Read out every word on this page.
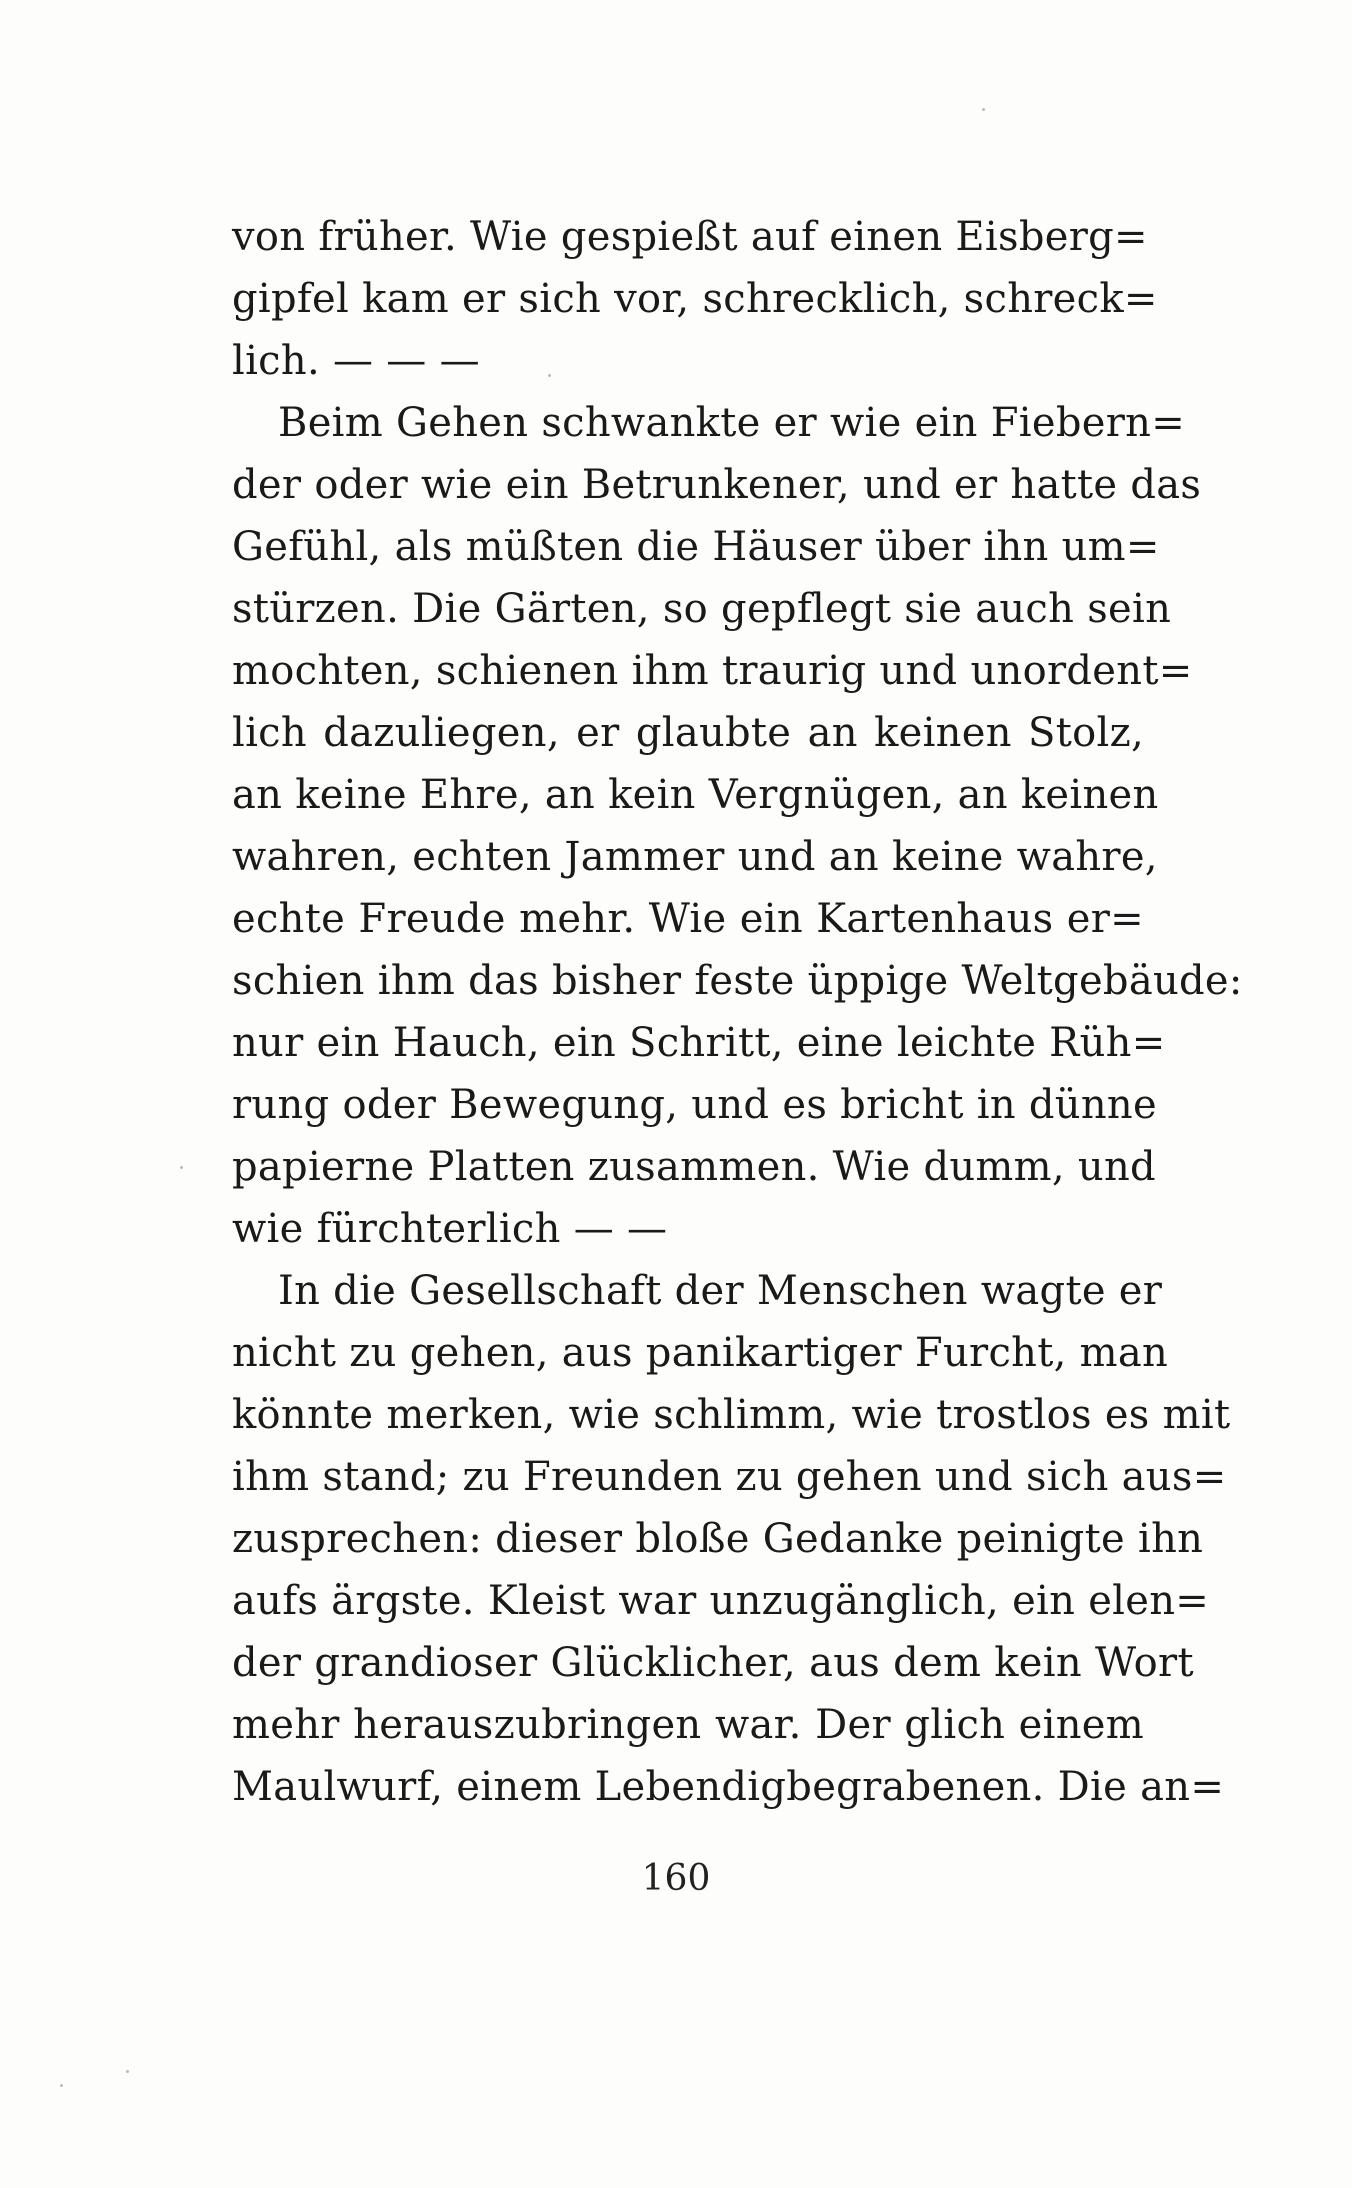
von früher. Wie gespießt auf einen Eisberg=
gipfel kam er sich vor, schrecklich, schreck=
lich. — — —
Beim Gehen schwankte er wie ein Fiebern=
der oder wie ein Betrunkener, und er hatte das
Gefühl, als müßten die Häuser über ihn um=
stürzen. Die Gärten, so gepflegt sie auch sein
mochten, schienen ihm traurig und unordent=
lich dazuliegen, er glaubte an keinen Stolz,
an keine Ehre, an kein Vergnügen, an keinen
wahren, echten Jammer und an keine wahre,
echte Freude mehr. Wie ein Kartenhaus er=
schien ihm das bisher feste üppige Weltgebäude:
nur ein Hauch, ein Schritt, eine leichte Rüh=
rung oder Bewegung, und es bricht in dünne
papierne Platten zusammen. Wie dumm, und
wie fürchterlich — —
In die Gesellschaft der Menschen wagte er
nicht zu gehen, aus panikartiger Furcht, man
könnte merken, wie schlimm, wie trostlos es mit
ihm stand; zu Freunden zu gehen und sich aus=
zusprechen: dieser bloße Gedanke peinigte ihn
aufs ärgste. Kleist war unzugänglich, ein elen=
der grandioser Glücklicher, aus dem kein Wort
mehr herauszubringen war. Der glich einem
Maulwurf, einem Lebendigbegrabenen. Die an=
160
